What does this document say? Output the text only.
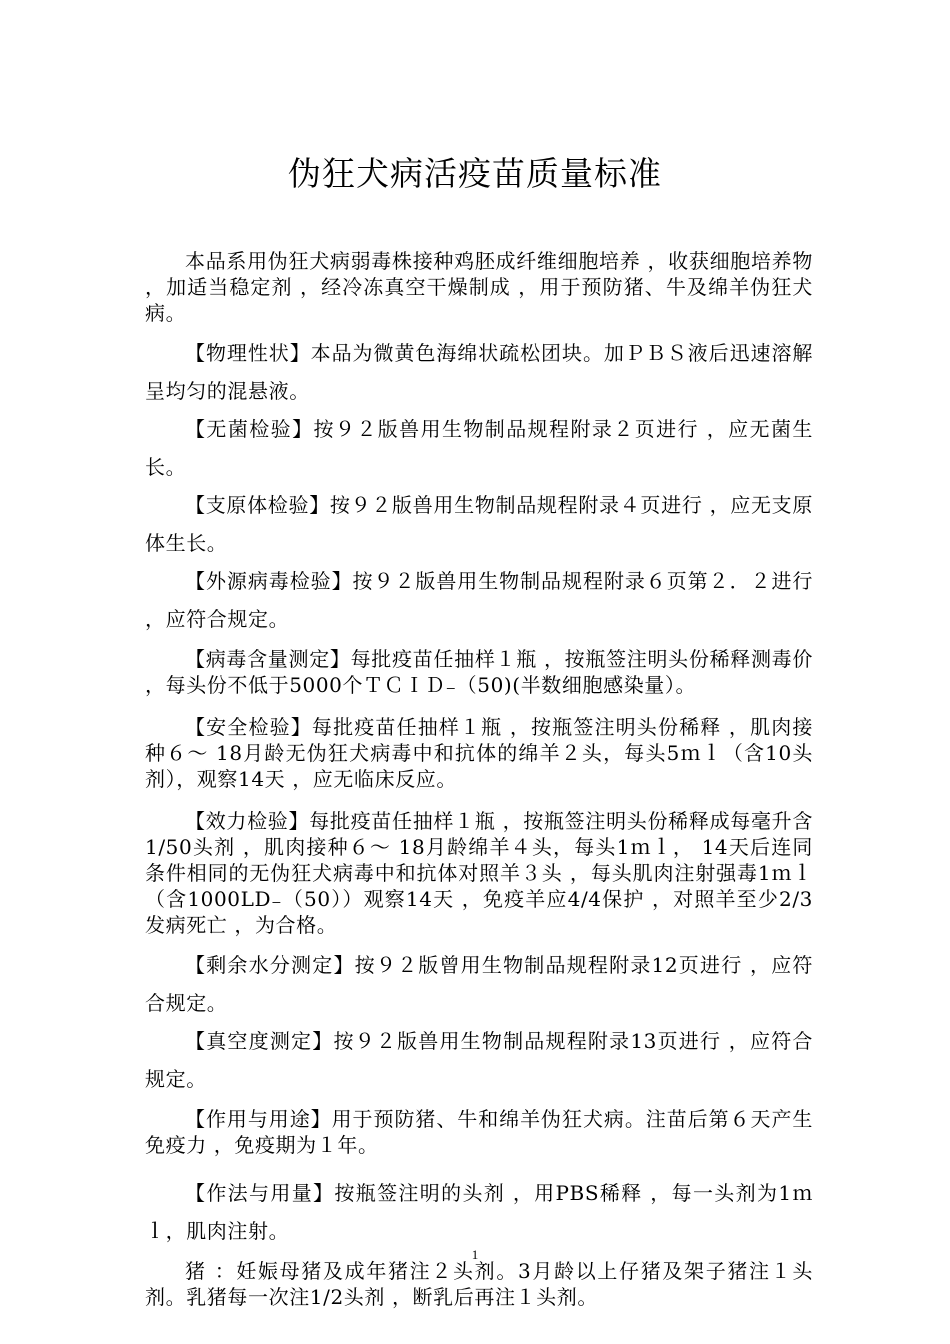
伪狂犬病活疫苗质量标准

本品系用伪狂犬病弱毒株接种鸡胚成纤维细胞培养 ，收获细胞培养物 ，加适当稳定剂 ，经冷冻真空干燥制成 ，用于预防猪、牛及绵羊伪狂犬病。

【物理性状】本品为微黄色海绵状疏松团块。加ＰＢＳ液后迅速溶解呈均匀的混悬液。

【无菌检验】按９２版兽用生物制品规程附录２页进行 ，应无菌生长。

【支原体检验】按９２版兽用生物制品规程附录４页进行 ，应无支原体生长。

【外源病毒检验】按９２版兽用生物制品规程附录６页第２．２进行 ，应符合规定。

【病毒含量测定】每批疫苗任抽样１瓶 ，按瓶签注明头份稀释测毒价 ，每头份不低于5000个ＴＣＩＤ₋（50)(半数细胞感染量）。

【安全检验】每批疫苗任抽样１瓶 ，按瓶签注明头份稀释 ，肌肉接种６～ 18月龄无伪狂犬病毒中和抗体的绵羊２头，每头5ｍｌ（含10头剂），观察14天 ，应无临床反应。

【效力检验】每批疫苗任抽样１瓶 ，按瓶签注明头份稀释成每毫升含1/50头剂 ，肌肉接种６～ 18月龄绵羊４头，每头1ｍｌ， 14天后连同条件相同的无伪狂犬病毒中和抗体对照羊３头 ，每头肌肉注射强毒1ｍｌ（含1000LD₋（50））观察14天 ，免疫羊应4/4保护 ，对照羊至少2/3发病死亡 ，为合格。

【剩余水分测定】按９２版曾用生物制品规程附录12页进行 ，应符合规定。

【真空度测定】按９２版兽用生物制品规程附录13页进行 ，应符合规定。

【作用与用途】用于预防猪、牛和绵羊伪狂犬病。注苗后第６天产生免疫力 ，免疫期为１年。

【作法与用量】按瓶签注明的头剂 ，用PBS稀释 ，每一头剂为1ｍｌ，肌肉注射。

猪 ：妊娠母猪及成年猪注２头剂。3月龄以上仔猪及架子猪注１头剂。乳猪每一次注1/2头剂 ，断乳后再注１头剂。

1
